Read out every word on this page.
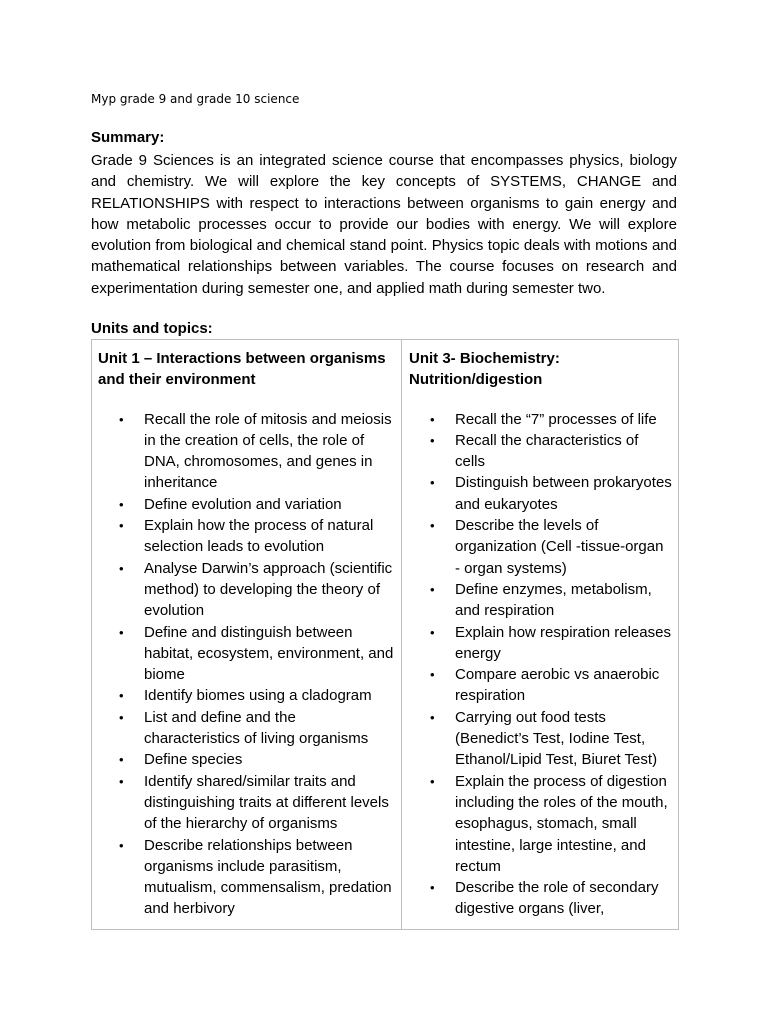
Myp grade 9 and grade 10 science
Summary:

Grade 9 Sciences is an integrated science course that encompasses physics, biology and chemistry. We will explore the key concepts of SYSTEMS, CHANGE and RELATIONSHIPS with respect to interactions between organisms to gain energy and how metabolic processes occur to provide our bodies with energy. We will explore evolution from biological and chemical stand point. Physics topic deals with motions and mathematical relationships between variables. The course focuses on research and experimentation during semester one, and applied math during semester two.

Units and topics:
Unit 1 – Interactions between organisms and their environment
• Recall the role of mitosis and meiosis in the creation of cells, the role of DNA, chromosomes, and genes in inheritance
• Define evolution and variation
• Explain how the process of natural selection leads to evolution
• Analyse Darwin’s approach (scientific method) to developing the theory of evolution
• Define and distinguish between habitat, ecosystem, environment, and biome
• Identify biomes using a cladogram
• List and define and the characteristics of living organisms
• Define species
• Identify shared/similar traits and distinguishing traits at different levels of the hierarchy of organisms
• Describe relationships between organisms include parasitism, mutualism, commensalism, predation and herbivory
Unit 3- Biochemistry: Nutrition/digestion
• Recall the “7” processes of life
• Recall the characteristics of cells
• Distinguish between prokaryotes and eukaryotes
• Describe the levels of organization (Cell -tissue-organ - organ systems)
• Define enzymes, metabolism, and respiration
• Explain how respiration releases energy
• Compare aerobic vs anaerobic respiration
• Carrying out food tests (Benedict’s Test, Iodine Test, Ethanol/Lipid Test, Biuret Test)
• Explain the process of digestion including the roles of the mouth, esophagus, stomach, small intestine, large intestine, and rectum
• Describe the role of secondary digestive organs (liver,
